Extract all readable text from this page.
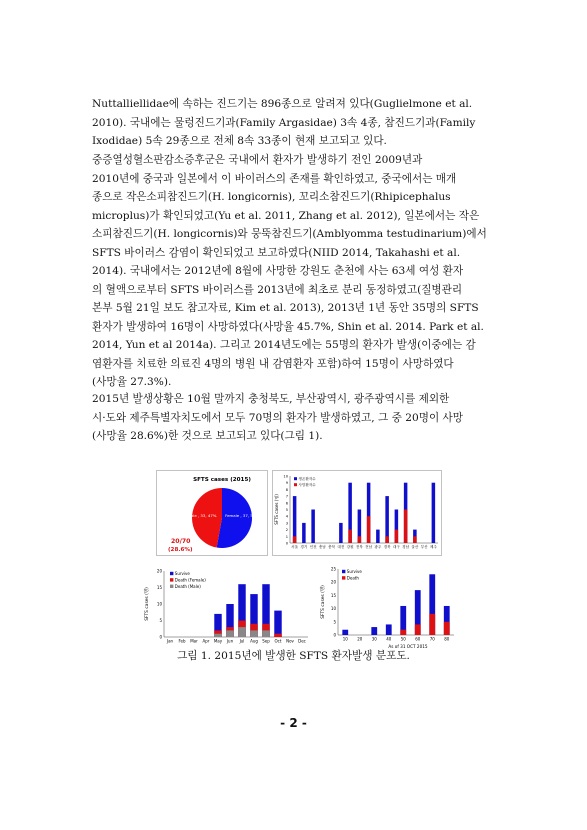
Nuttalliellidae에 속하는 진드기는 896종으로 알려져 있다(Guglielmone et al.
2010). 국내에는 물렁진드기과(Family Argasidae) 3속 4종, 참진드기과(Family
Ixodidae) 5속 29종으로 전체 8속 33종이 현재 보고되고 있다.
중증열성혈소판감소증후군은 국내에서 환자가 발생하기 전인 2009년과
2010년에 중국과 일본에서 이 바이러스의 존재를 확인하였고, 중국에서는 매개
종으로 작은소피참진드기(H. longicornis), 꼬리소참진드기(Rhipicephalus
microplus)가 확인되었고(Yu et al. 2011, Zhang et al. 2012), 일본에서는 작은
소피참진드기(H. longicornis)와 뭉뚝참진드기(Amblyomma testudinarium)에서
SFTS 바이러스 감염이 확인되었고 보고하였다(NIID 2014, Takahashi et al.
2014). 국내에서는 2012년에 8월에 사망한 강원도 춘천에 사는 63세 여성 환자
의 혈액으로부터 SFTS 바이러스를 2013년에 최초로 분리 동정하였고(질병관리
본부 5월 21일 보도 참고자료, Kim et al. 2013), 2013년 1년 동안 35명의 SFTS
환자가 발생하여 16명이 사망하였다(사망율 45.7%, Shin et al. 2014. Park et al.
2014, Yun et al 2014a). 그리고 2014년도에는 55명의 환자가 발생(이중에는 감
염환자를 치료한 의료진 4명의 병원 내 감염환자 포함)하여 15명이 사망하였다
(사망율 27.3%).
2015년 발생상황은 10월 말까지 충청북도, 부산광역시, 광주광역시를 제외한
시·도와 제주특별자치도에서 모두 70명의 환자가 발생하였고, 그 중 20명이 사망
(사망율 28.6%)한 것으로 보고되고 있다(그림 1).
SFTS cases (2015)
Male , 33, 47% Female , 37, 53%
20/70
(28.6%)
0
1
2
3
4
5
6
7
8
9
10
SFTS cases (명)
서울 경기 인천 충남 충북 대전 강원 전북 전남 광주 경북 대구 경남 울산 부산 제주
생존환자수
사망환자수
0
5
10
15
20
SFTS cases (명)
Jan Feb Mar Apr May Jun Jul Aug Sep Oct Nov Dec
Survive
Death (Female)
Death (Male)
0
5
10
15
20
25
SFTS cases (명)
10 20 30 40 50 60 70 80
Survive
Death
As of 31 OCT 2015
그림 1. 2015년에 발생한 SFTS 환자발생 분포도.
- 2 -
